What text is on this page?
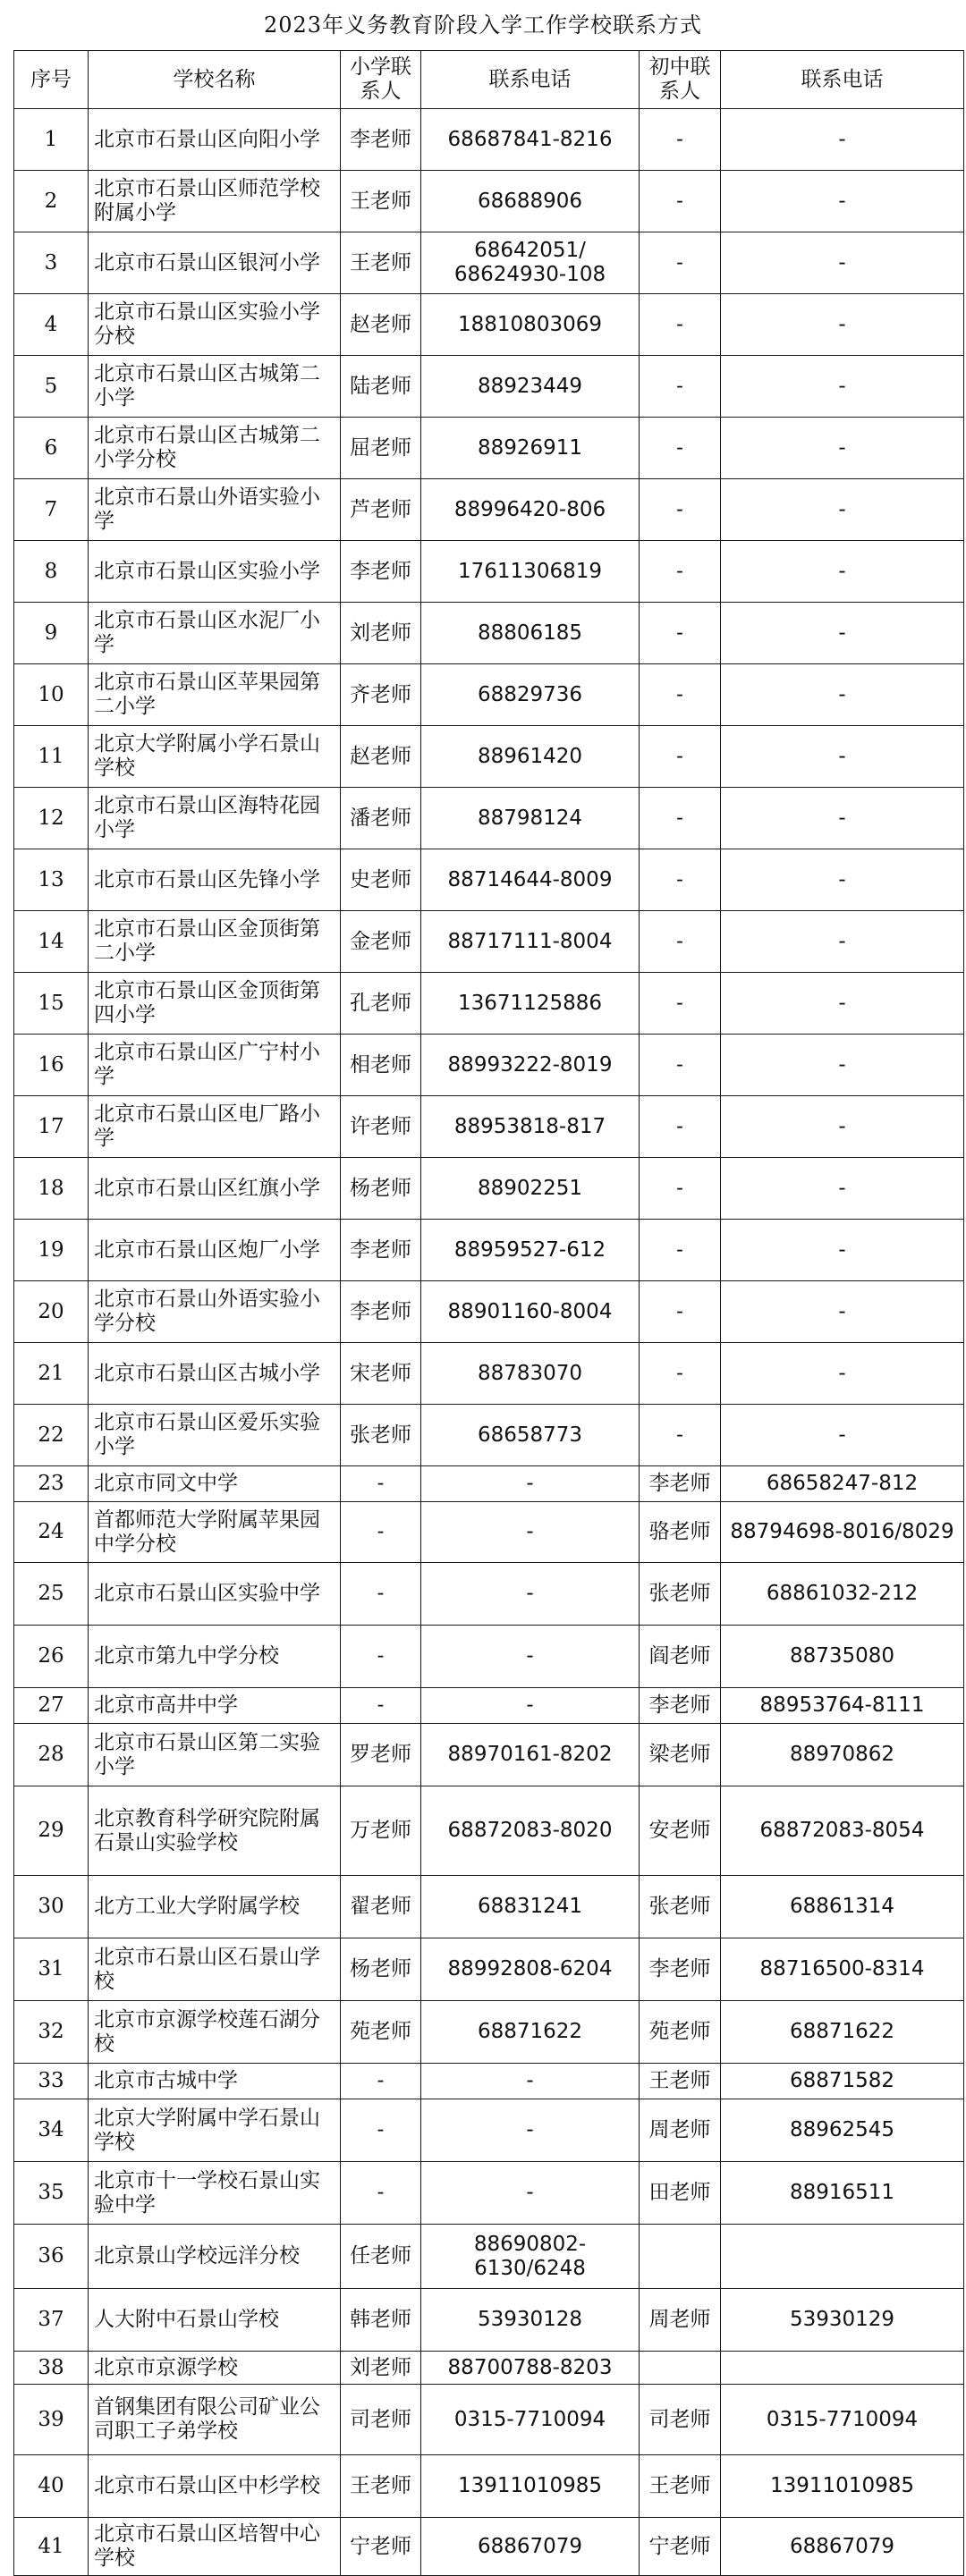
2023年义务教育阶段入学工作学校联系方式
序号	学校名称	小学联系人	联系电话	初中联系人	联系电话
1	北京市石景山区向阳小学	李老师	68687841-8216	-	-
2	北京市石景山区师范学校附属小学	王老师	68688906	-	-
3	北京市石景山区银河小学	王老师	68642051/ 68624930-108	-	-
4	北京市石景山区实验小学分校	赵老师	18810803069	-	-
5	北京市石景山区古城第二小学	陆老师	88923449	-	-
6	北京市石景山区古城第二小学分校	屈老师	88926911	-	-
7	北京市石景山外语实验小学	芦老师	88996420-806	-	-
8	北京市石景山区实验小学	李老师	17611306819	-	-
9	北京市石景山区水泥厂小学	刘老师	88806185	-	-
10	北京市石景山区苹果园第二小学	齐老师	68829736	-	-
11	北京大学附属小学石景山学校	赵老师	88961420	-	-
12	北京市石景山区海特花园小学	潘老师	88798124	-	-
13	北京市石景山区先锋小学	史老师	88714644-8009	-	-
14	北京市石景山区金顶街第二小学	金老师	88717111-8004	-	-
15	北京市石景山区金顶街第四小学	孔老师	13671125886	-	-
16	北京市石景山区广宁村小学	相老师	88993222-8019	-	-
17	北京市石景山区电厂路小学	许老师	88953818-817	-	-
18	北京市石景山区红旗小学	杨老师	88902251	-	-
19	北京市石景山区炮厂小学	李老师	88959527-612	-	-
20	北京市石景山外语实验小学分校	李老师	88901160-8004	-	-
21	北京市石景山区古城小学	宋老师	88783070	-	-
22	北京市石景山区爱乐实验小学	张老师	68658773	-	-
23	北京市同文中学	-	-	李老师	68658247-812
24	首都师范大学附属苹果园中学分校	-	-	骆老师	88794698-8016/8029
25	北京市石景山区实验中学	-	-	张老师	68861032-212
26	北京市第九中学分校	-	-	阎老师	88735080
27	北京市高井中学	-	-	李老师	88953764-8111
28	北京市石景山区第二实验小学	罗老师	88970161-8202	梁老师	88970862
29	北京教育科学研究院附属石景山实验学校	万老师	68872083-8020	安老师	68872083-8054
30	北方工业大学附属学校	翟老师	68831241	张老师	68861314
31	北京市石景山区石景山学校	杨老师	88992808-6204	李老师	88716500-8314
32	北京市京源学校莲石湖分校	苑老师	68871622	苑老师	68871622
33	北京市古城中学	-	-	王老师	68871582
34	北京大学附属中学石景山学校	-	-	周老师	88962545
35	北京市十一学校石景山实验中学	-	-	田老师	88916511
36	北京景山学校远洋分校	任老师	88690802-6130/6248		
37	人大附中石景山学校	韩老师	53930128	周老师	53930129
38	北京市京源学校	刘老师	88700788-8203		
39	首钢集团有限公司矿业公司职工子弟学校	司老师	0315-7710094	司老师	0315-7710094
40	北京市石景山区中杉学校	王老师	13911010985	王老师	13911010985
41	北京市石景山区培智中心学校	宁老师	68867079	宁老师	68867079
